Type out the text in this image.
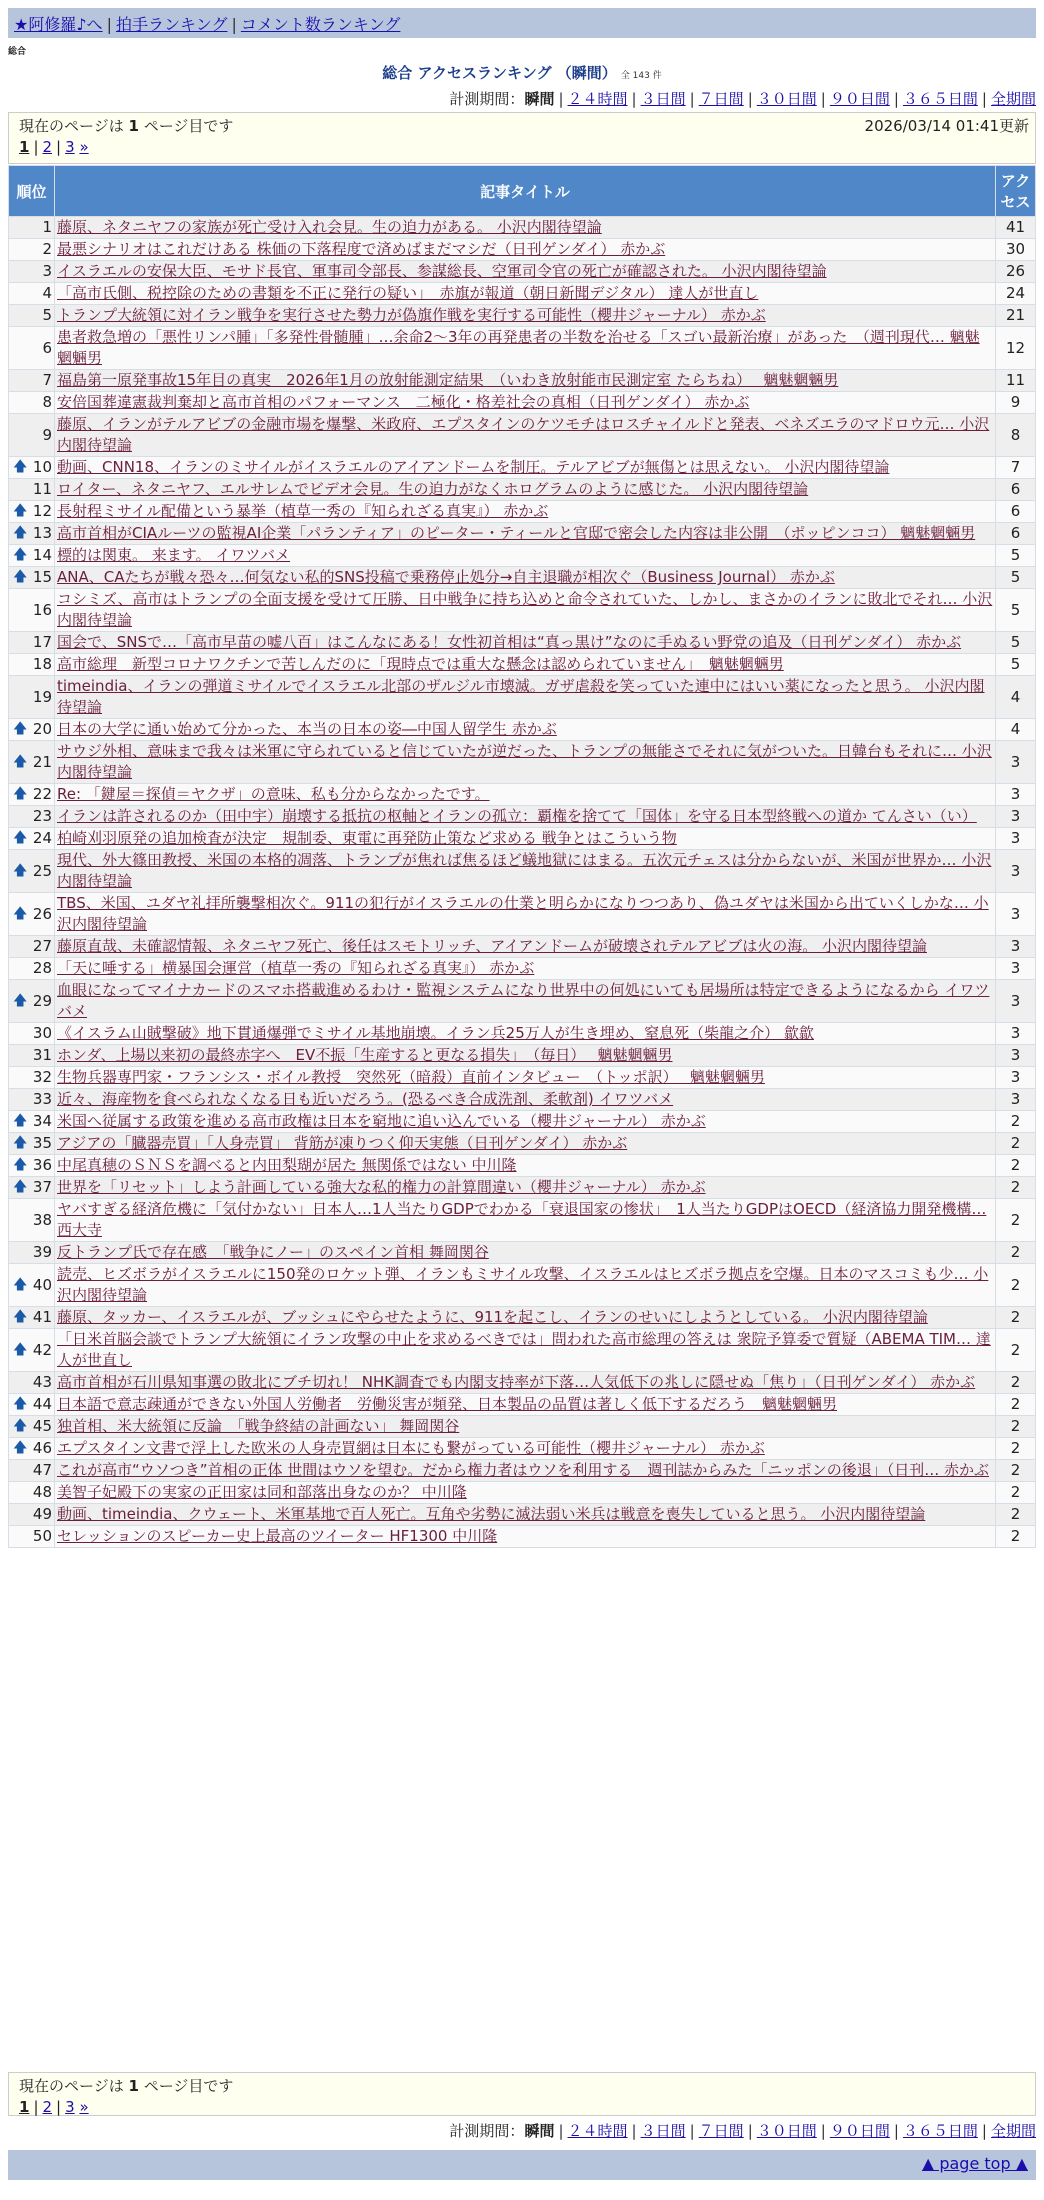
★阿修羅♪へ | 拍手ランキング | コメント数ランキング
総合
総合 アクセスランキング （瞬間） 全 143 件
計測期間：瞬間 | ２４時間 | ３日間 | ７日間 | ３０日間 | ９０日間 | ３６５日間 | 全期間
現在のページは 1 ページ目です	2026/03/14 01:41更新
1 | 2 | 3 »
順位	記事タイトル	アクセス
1	藤原、ネタニヤフの家族が死亡受け入れ会見。生の迫力がある。 小沢内閣待望論	41
2	最悪シナリオはこれだけある 株価の下落程度で済めばまだマシだ（日刊ゲンダイ） 赤かぶ	30
3	イスラエルの安保大臣、モサド長官、軍事司令部長、参謀総長、空軍司令官の死亡が確認された。 小沢内閣待望論	26
4	「高市氏側、税控除のための書類を不正に発行の疑い」　赤旗が報道（朝日新聞デジタル） 達人が世直し	24
5	トランプ大統領に対イラン戦争を実行させた勢力が偽旗作戦を実行する可能性（櫻井ジャーナル） 赤かぶ	21
6	患者救急増の「悪性リンパ腫」「多発性骨髄腫」…余命2～3年の再発患者の半数を治せる「スゴい最新治療」があった　（週刊現代… 魑魅魍魎男	12
7	福島第一原発事故15年目の真実　2026年1月の放射能測定結果　（いわき放射能市民測定室 たらちね）　 魑魅魍魎男	11
8	安倍国葬違憲裁判棄却と高市首相のパフォーマンス　二極化・格差社会の真相（日刊ゲンダイ） 赤かぶ	9
9	藤原、イランがテルアビブの金融市場を爆撃、米政府、エプスタインのケツモチはロスチャイルドと発表、ベネズエラのマドロウ元… 小沢内閣待望論	8

🡅 10	動画、CNN18、イランのミサイルがイスラエルのアイアンドームを制圧。テルアビブが無傷とは思えない。 小沢内閣待望論	7
11	ロイター、ネタニヤフ、エルサレムでビデオ会見。生の迫力がなくホログラムのように感じた。 小沢内閣待望論	6

🡅 12	長射程ミサイル配備という暴挙（植草一秀の『知られざる真実』） 赤かぶ	6

🡅 13	高市首相がCIAルーツの監視AI企業「パランティア」のピーター・ティールと官邸で密会した内容は非公開　（ポッピンココ） 魑魅魍魎男	6

🡅 14	標的は関東。 来ます。 イワツバメ	5

🡅 15	ANA、CAたちが戦々恐々…何気ない私的SNS投稿で乗務停止処分→自主退職が相次ぐ（Business Journal） 赤かぶ	5
16	コシミズ、高市はトランプの全面支援を受けて圧勝、日中戦争に持ち込めと命令されていた、しかし、まさかのイランに敗北でそれ… 小沢内閣待望論	5
17	国会で、SNSで…「高市早苗の嘘八百」はこんなにある！女性初首相は“真っ黒け”なのに手ぬるい野党の追及（日刊ゲンダイ） 赤かぶ	5
18	高市総理　新型コロナワクチンで苦しんだのに「現時点では重大な懸念は認められていません」　魑魅魍魎男	5
19	timeindia、イランの弾道ミサイルでイスラエル北部のザルジル市壊滅。ガザ虐殺を笑っていた連中にはいい薬になったと思う。 小沢内閣待望論	4

🡅 20	日本の大学に通い始めて分かった、本当の日本の姿―中国人留学生 赤かぶ	4

🡅 21	サウジ外相、意味まで我々は米軍に守られていると信じていたが逆だった、トランプの無能さでそれに気がついた。日韓台もそれに… 小沢内閣待望論	3

🡅 22	Re: 「鍵屋＝探偵＝ヤクザ」の意味、私も分からなかったです。	3
23	イランは許されるのか（田中宇）崩壊する抵抗の枢軸とイランの孤立：覇権を捨てて「国体」を守る日本型終戦への道か てんさい（い）	3

🡅 24	柏崎刈羽原発の追加検査が決定　規制委、東電に再発防止策など求める 戦争とはこういう物	3

🡅 25	現代、外大篠田教授、米国の本格的凋落、トランプが焦れば焦るほど蟻地獄にはまる。五次元チェスは分からないが、米国が世界か… 小沢内閣待望論	3

🡅 26	TBS、米国、ユダヤ礼拝所襲撃相次ぐ。911の犯行がイスラエルの仕業と明らかになりつつあり、偽ユダヤは米国から出ていくしかな… 小沢内閣待望論	3
27	藤原直哉、未確認情報、ネタニヤフ死亡、後任はスモトリッチ、アイアンドームが破壊されテルアビブは火の海。 小沢内閣待望論	3
28	「天に唾する」横暴国会運営（植草一秀の『知られざる真実』） 赤かぶ	3

🡅 29	血眼になってマイナカードのスマホ搭載進めるわけ・監視システムになり世界中の何処にいても居場所は特定できるようになるから イワツバメ	3
30	《イスラム山賊撃破》地下貫通爆弾でミサイル基地崩壊。イラン兵25万人が生き埋め、窒息死（柴龍之介） 歙歙	3
31	ホンダ、上場以来初の最終赤字へ　EV不振「生産すると更なる損失」　（毎日）　 魑魅魍魎男	3
32	生物兵器専門家・フランシス・ボイル教授　突然死（暗殺）直前インタビュー　（トッポ訳）　 魑魅魍魎男	3
33	近々、海産物を食べられなくなる日も近いだろう。(恐るべき合成洗剤、柔軟剤) イワツバメ	3

🡅 34	米国へ従属する政策を進める高市政権は日本を窮地に追い込んでいる（櫻井ジャーナル） 赤かぶ	2

🡅 35	アジアの「臓器売買」「人身売買」 背筋が凍りつく仰天実態（日刊ゲンダイ） 赤かぶ	2

🡅 36	中尾真穂のＳＮＳを調べると内田梨瑚が居た 無関係ではない 中川隆	2

🡅 37	世界を「リセット」しよう計画している強大な私的権力の計算間違い（櫻井ジャーナル） 赤かぶ	2
38	ヤバすぎる経済危機に「気付かない」日本人…1人当たりGDPでわかる「衰退国家の惨状」　1人当たりGDPはOECD（経済協力開発機構… 西大寺	2
39	反トランプ氏で存在感　「戦争にノー」のスペイン首相 舞岡関谷	2

🡅 40	読売、ヒズボラがイスラエルに150発のロケット弾、イランもミサイル攻撃、イスラエルはヒズボラ拠点を空爆。日本のマスコミも少… 小沢内閣待望論	2

🡅 41	藤原、タッカー、イスラエルが、ブッシュにやらせたように、911を起こし、イランのせいにしようとしている。 小沢内閣待望論	2

🡅 42	「日米首脳会談でトランプ大統領にイラン攻撃の中止を求めるべきでは」問われた高市総理の答えは 衆院予算委で質疑（ABEMA TIM… 達人が世直し	2
43	高市首相が石川県知事選の敗北にブチ切れ！ NHK調査でも内閣支持率が下落…人気低下の兆しに隠せぬ「焦り」（日刊ゲンダイ） 赤かぶ	2

🡅 44	日本語で意志疎通ができない外国人労働者　労働災害が頻発、日本製品の品質は著しく低下するだろう　魑魅魍魎男	2

🡅 45	独首相、米大統領に反論　「戦争終結の計画ない」 舞岡関谷	2

🡅 46	エプスタイン文書で浮上した欧米の人身売買網は日本にも繋がっている可能性（櫻井ジャーナル） 赤かぶ	2
47	これが高市“ウソつき”首相の正体 世間はウソを望む。だから権力者はウソを利用する　週刊誌からみた「ニッポンの後退」（日刊… 赤かぶ	2
48	美智子妃殿下の実家の正田家は同和部落出身なのか？ 中川隆	2
49	動画、timeindia、クウェート、米軍基地で百人死亡。互角や劣勢に滅法弱い米兵は戦意を喪失していると思う。 小沢内閣待望論	2
50	セレッションのスピーカー史上最高のツイーター HF1300 中川隆	2
現在のページは 1 ページ目です
1 | 2 | 3 »
計測期間：瞬間 | ２４時間 | ３日間 | ７日間 | ３０日間 | ９０日間 | ３６５日間 | 全期間
▲ page top ▲
